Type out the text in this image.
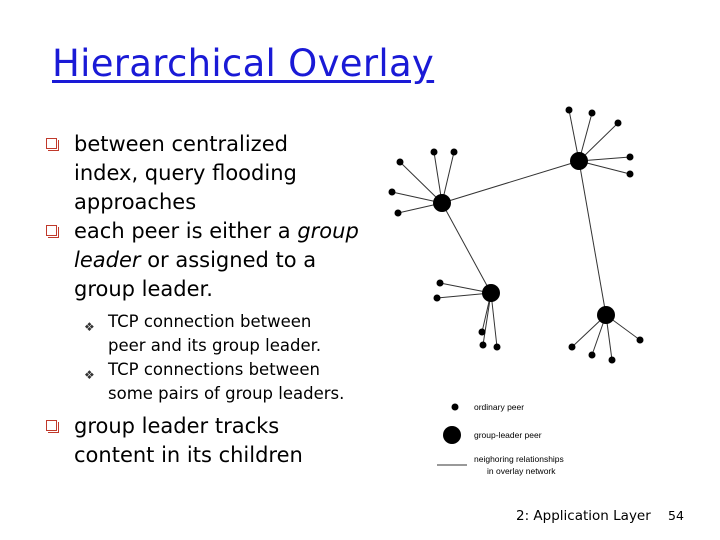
Hierarchical Overlay
between centralized
index, query flooding
approaches
each peer is either a group
leader or assigned to a
group leader.
❖ TCP connection between
peer and its group leader.
❖ TCP connections between
some pairs of group leaders.
group leader tracks
content in its children
ordinary peer
group-leader peer
neighoring relationships
in overlay network
2: Application Layer 54
